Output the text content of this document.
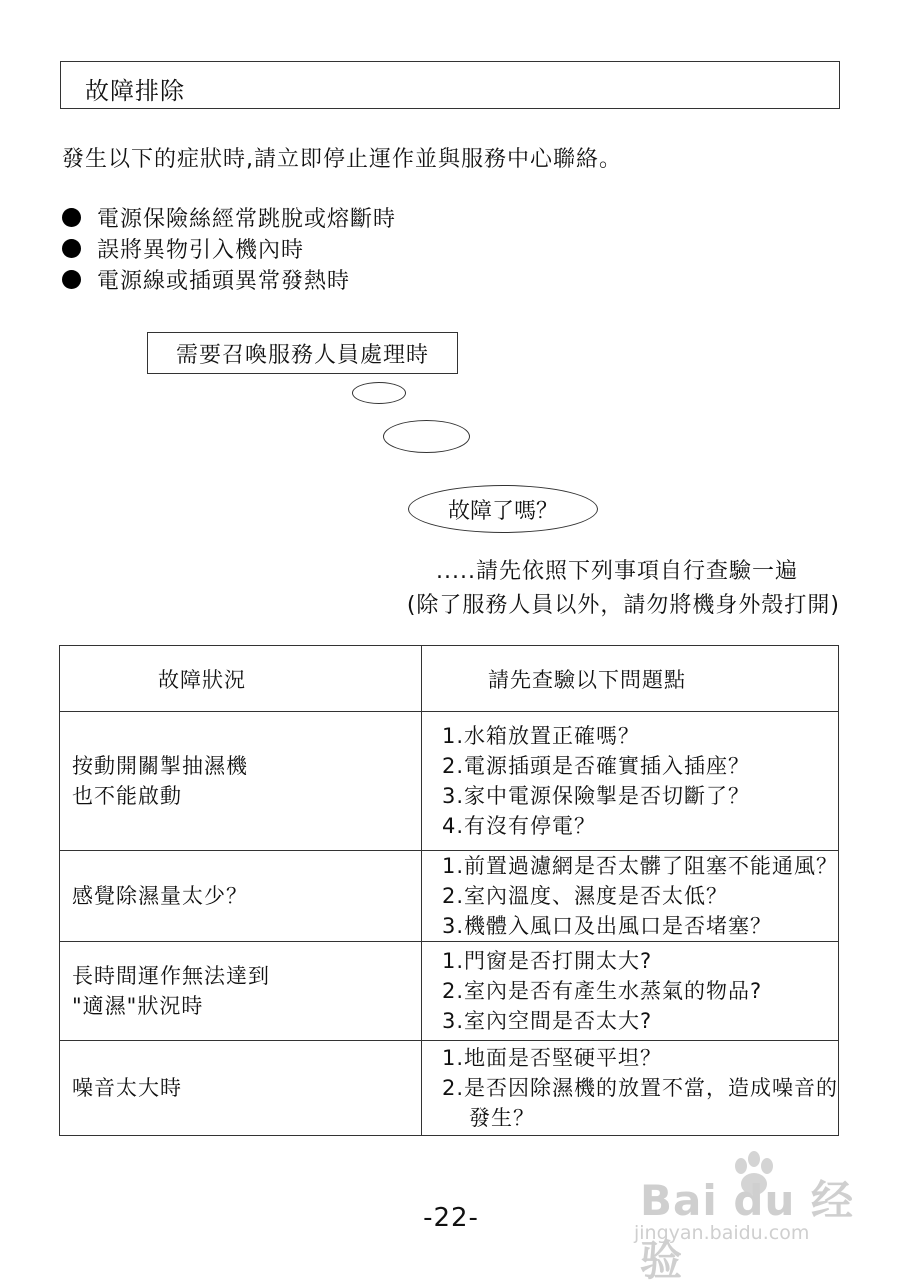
故障排除
發生以下的症狀時,請立即停止運作並與服務中心聯絡。
電源保險絲經常跳脫或熔斷時
誤將異物引入機內時
電源線或插頭異常發熱時
需要召喚服務人員處理時
故障了嗎？
.....請先依照下列事項自行查驗一遍
(除了服務人員以外，請勿將機身外殼打開)
故障狀況	請先查驗以下問題點

按動開關掣抽濕機
也不能啟動	1.水箱放置正確嗎？
2.電源插頭是否確實插入插座？
3.家中電源保險掣是否切斷了？
4.有沒有停電？

感覺除濕量太少？	1.前置過濾網是否太髒了阻塞不能通風？
2.室內溫度、濕度是否太低？
3.機體入風口及出風口是否堵塞？

長時間運作無法達到
"適濕"狀況時	1.門窗是否打開太大?
2.室內是否有產生水蒸氣的物品?
3.室內空間是否太大?

噪音太大時	1.地面是否堅硬平坦？
2.是否因除濕機的放置不當，造成噪音的
發生？
-22-	Bai du 经验
jingyan.baidu.com
